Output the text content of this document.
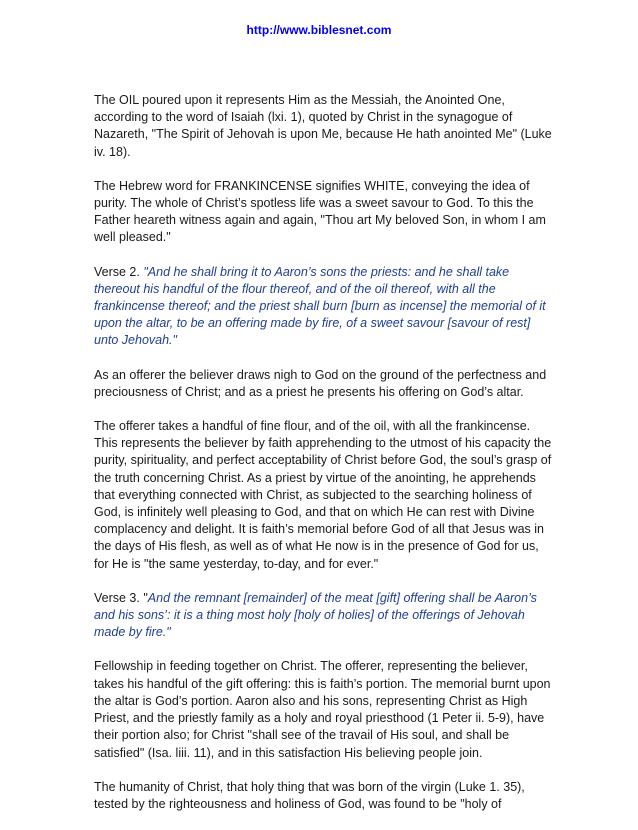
http://www.biblesnet.com

The OIL poured upon it represents Him as the Messiah, the Anointed One, according to the word of Isaiah (lxi. 1), quoted by Christ in the synagogue of Nazareth, "The Spirit of Jehovah is upon Me, because He hath anointed Me" (Luke iv. 18).

The Hebrew word for FRANKINCENSE signifies WHITE, conveying the idea of purity. The whole of Christ’s spotless life was a sweet savour to God. To this the Father heareth witness again and again, "Thou art My beloved Son, in whom I am well pleased."

Verse 2. "And he shall bring it to Aaron’s sons the priests: and he shall take thereout his handful of the flour thereof, and of the oil thereof, with all the frankincense thereof; and the priest shall burn [burn as incense] the memorial of it upon the altar, to be an offering made by fire, of a sweet savour [savour of rest] unto Jehovah."

As an offerer the believer draws nigh to God on the ground of the perfectness and preciousness of Christ; and as a priest he presents his offering on God’s altar.

The offerer takes a handful of fine flour, and of the oil, with all the frankincense. This represents the believer by faith apprehending to the utmost of his capacity the purity, spirituality, and perfect acceptability of Christ before God, the soul’s grasp of the truth concerning Christ. As a priest by virtue of the anointing, he apprehends that everything connected with Christ, as subjected to the searching holiness of God, is infinitely well pleasing to God, and that on which He can rest with Divine complacency and delight. It is faith’s memorial before God of all that Jesus was in the days of His flesh, as well as of what He now is in the presence of God for us, for He is "the same yesterday, to-day, and for ever."

Verse 3. "And the remnant [remainder] of the meat [gift] offering shall be Aaron’s and his sons’: it is a thing most holy [holy of holies] of the offerings of Jehovah made by fire."

Fellowship in feeding together on Christ. The offerer, representing the believer, takes his handful of the gift offering: this is faith’s portion. The memorial burnt upon the altar is God’s portion. Aaron also and his sons, representing Christ as High Priest, and the priestly family as a holy and royal priesthood (1 Peter ii. 5-9), have their portion also; for Christ "shall see of the travail of His soul, and shall be satisfied" (Isa. liii. 11), and in this satisfaction His believing people join.

The humanity of Christ, that holy thing that was born of the virgin (Luke 1. 35), tested by the righteousness and holiness of God, was found to be "holy of
